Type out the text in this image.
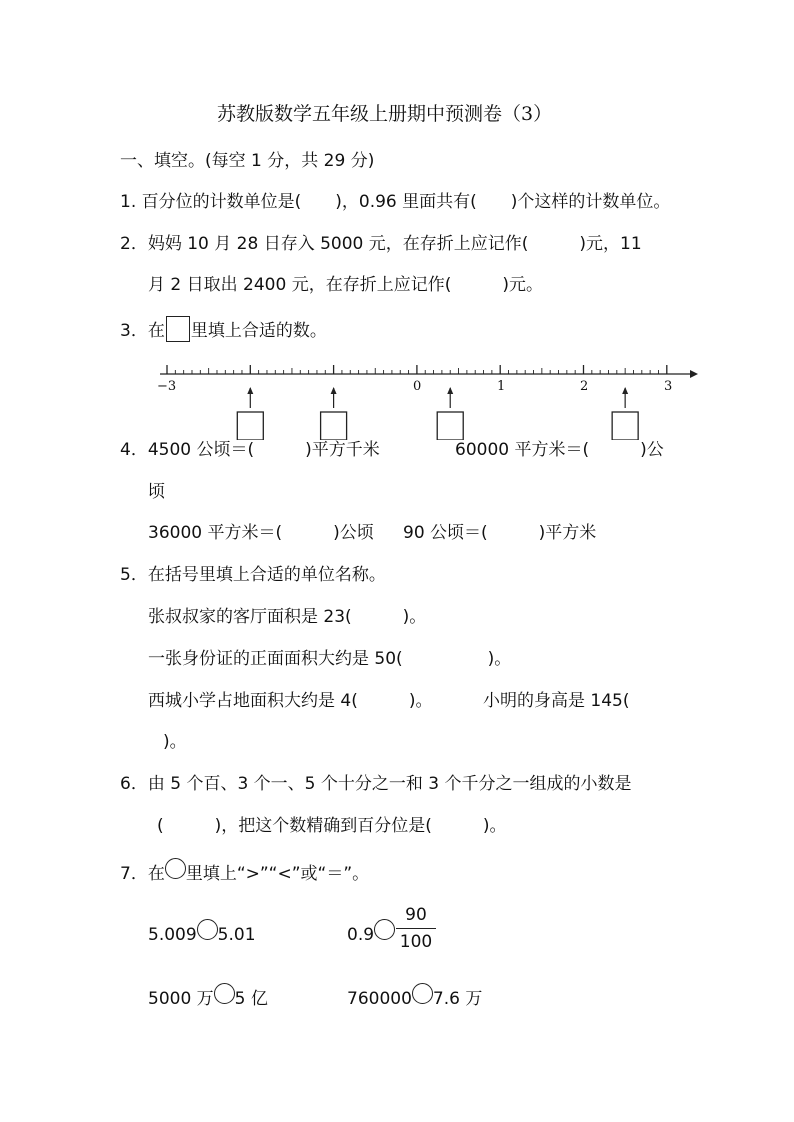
苏教版数学五年级上册期中预测卷（3）
一、填空。(每空 1 分，共 29 分)
1. 百分位的计数单位是(　　)，0.96 里面共有(　　)个这样的计数单位。
2．妈妈 10 月 28 日存入 5000 元，在存折上应记作(　　　)元，11
月 2 日取出 2400 元，在存折上应记作(　　　)元。
3．在 里填上合适的数。
−3	0	1	2	3
4．4500 公顷＝(　　　)平方千米	60000 平方米＝(　　　)公
顷
36000 平方米＝(　　　)公顷 90 公顷＝(　　　)平方米
5．在括号里填上合适的单位名称。
张叔叔家的客厅面积是 23(　　　)。
一张身份证的正面面积大约是 50(　　　　　)。
西城小学占地面积大约是 4(　　　)。	小明的身高是 145(
)。
6．由 5 个百、3 个一、5 个十分之一和 3 个千分之一组成的小数是
(　　　)，把这个数精确到百分位是(　　　)。
7．在 里填上“>”“<”或“＝”。
5.009 5.01	0.9
90
100
5000 万 5 亿	760000 7.6 万
